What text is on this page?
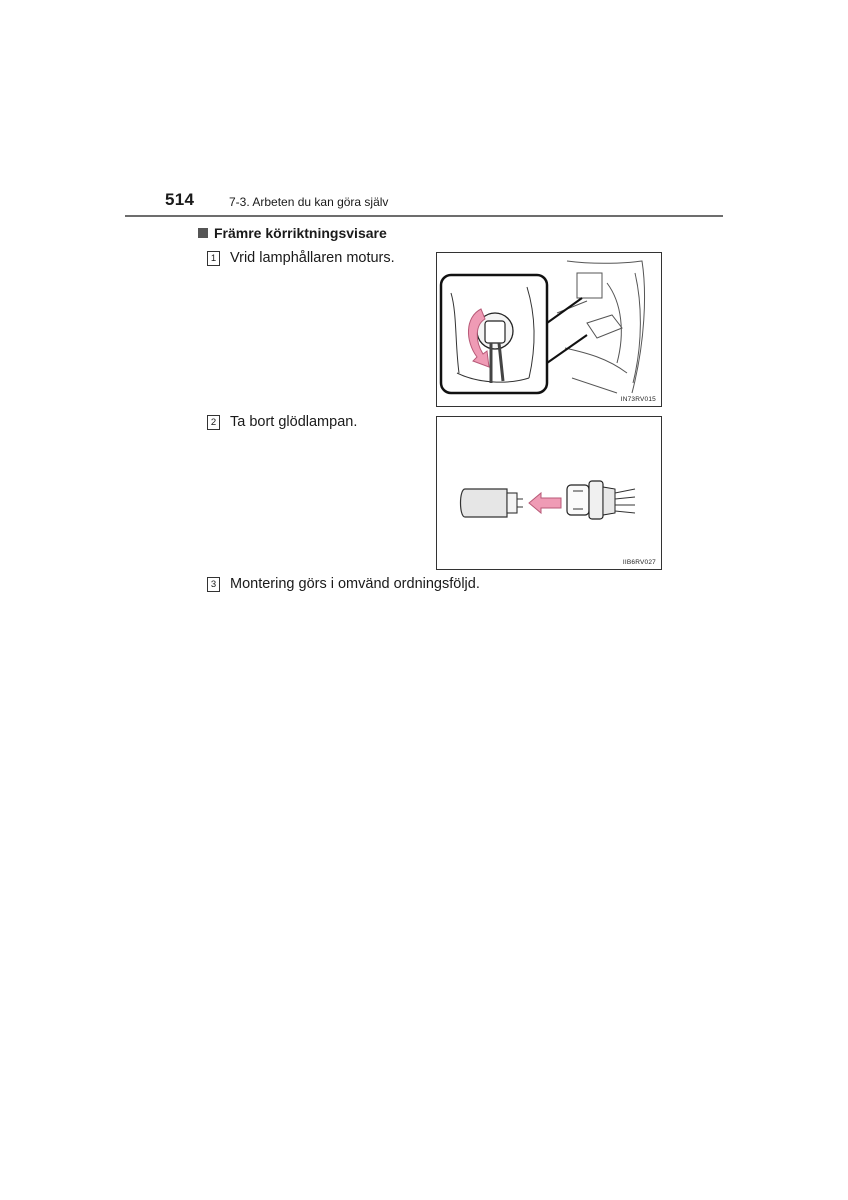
514	7-3. Arbeten du kan göra själv
Främre körriktningsvisare
1 Vrid lamphållaren moturs.
IN73RV015
2 Ta bort glödlampan.
IIB6RV027
3 Montering görs i omvänd ordningsföljd.
